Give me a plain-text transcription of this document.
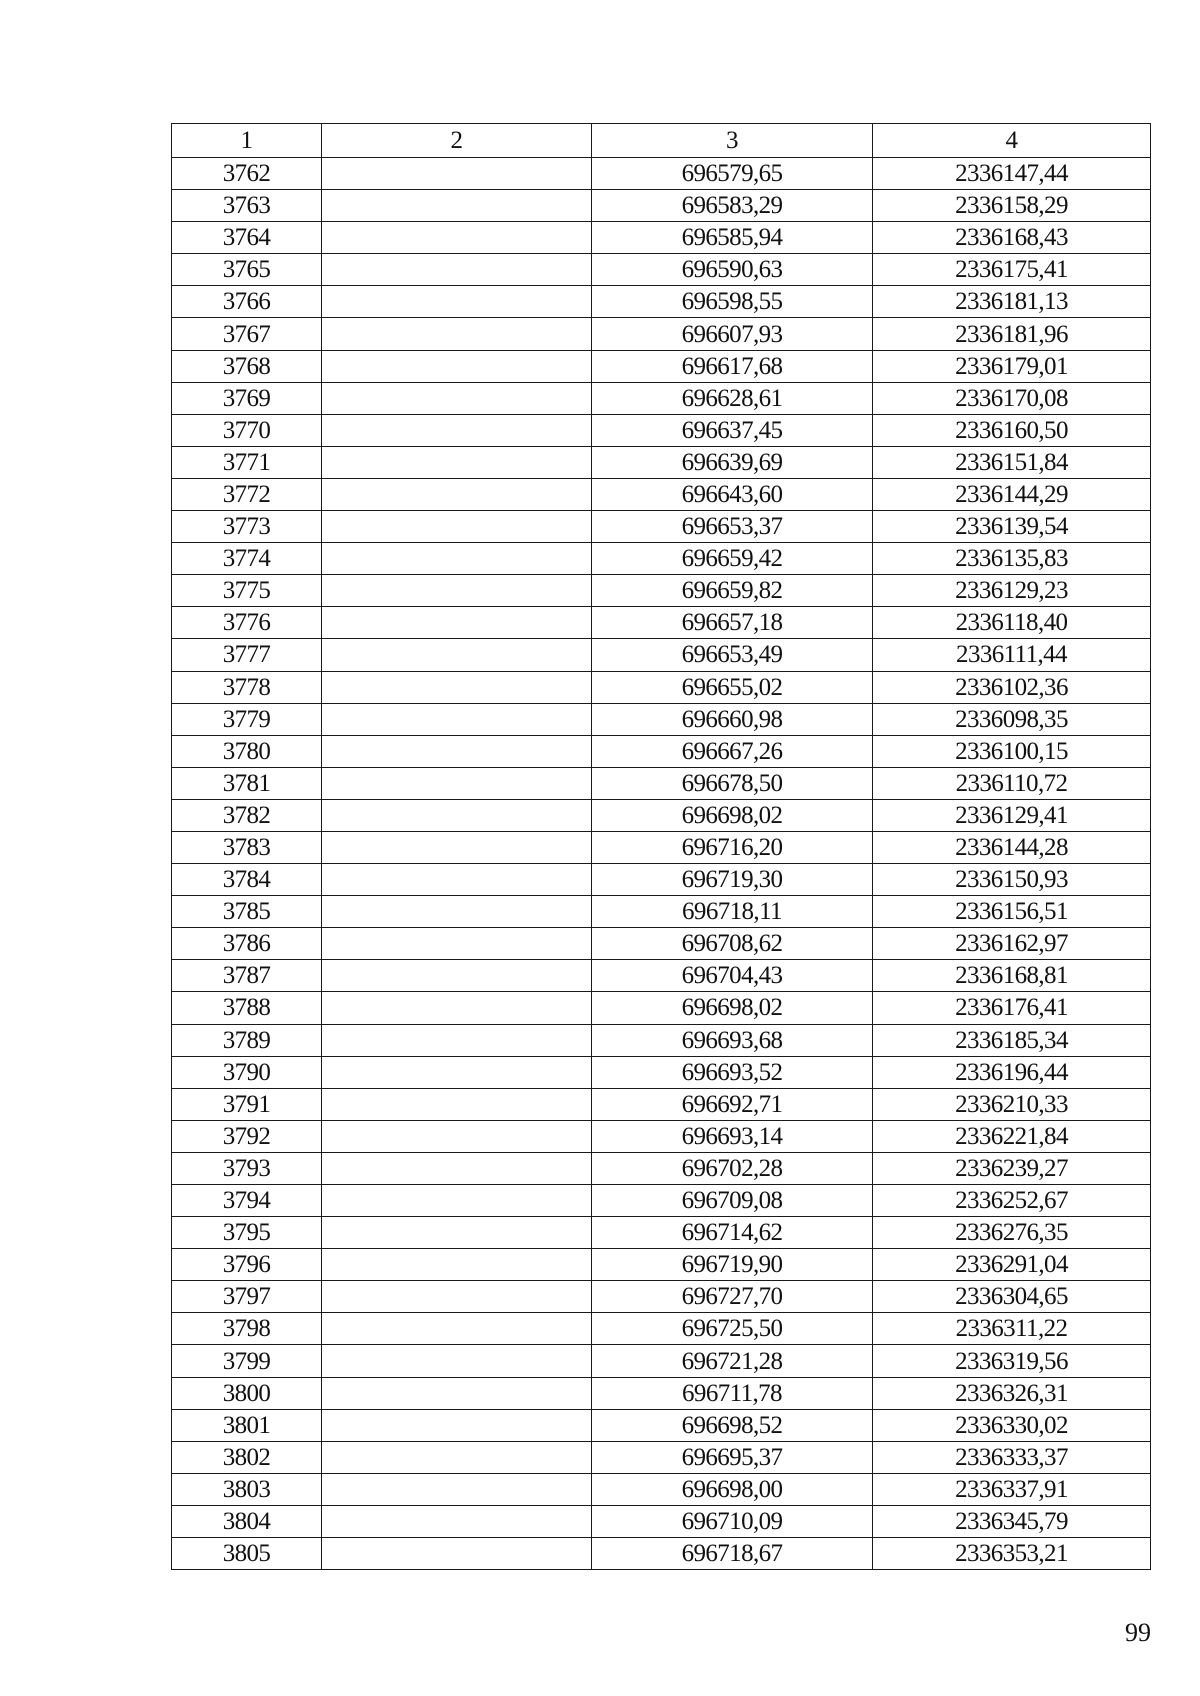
1	2	3	4
3762		696579,65	2336147,44
3763		696583,29	2336158,29
3764		696585,94	2336168,43
3765		696590,63	2336175,41
3766		696598,55	2336181,13
3767		696607,93	2336181,96
3768		696617,68	2336179,01
3769		696628,61	2336170,08
3770		696637,45	2336160,50
3771		696639,69	2336151,84
3772		696643,60	2336144,29
3773		696653,37	2336139,54
3774		696659,42	2336135,83
3775		696659,82	2336129,23
3776		696657,18	2336118,40
3777		696653,49	2336111,44
3778		696655,02	2336102,36
3779		696660,98	2336098,35
3780		696667,26	2336100,15
3781		696678,50	2336110,72
3782		696698,02	2336129,41
3783		696716,20	2336144,28
3784		696719,30	2336150,93
3785		696718,11	2336156,51
3786		696708,62	2336162,97
3787		696704,43	2336168,81
3788		696698,02	2336176,41
3789		696693,68	2336185,34
3790		696693,52	2336196,44
3791		696692,71	2336210,33
3792		696693,14	2336221,84
3793		696702,28	2336239,27
3794		696709,08	2336252,67
3795		696714,62	2336276,35
3796		696719,90	2336291,04
3797		696727,70	2336304,65
3798		696725,50	2336311,22
3799		696721,28	2336319,56
3800		696711,78	2336326,31
3801		696698,52	2336330,02
3802		696695,37	2336333,37
3803		696698,00	2336337,91
3804		696710,09	2336345,79
3805		696718,67	2336353,21
99
